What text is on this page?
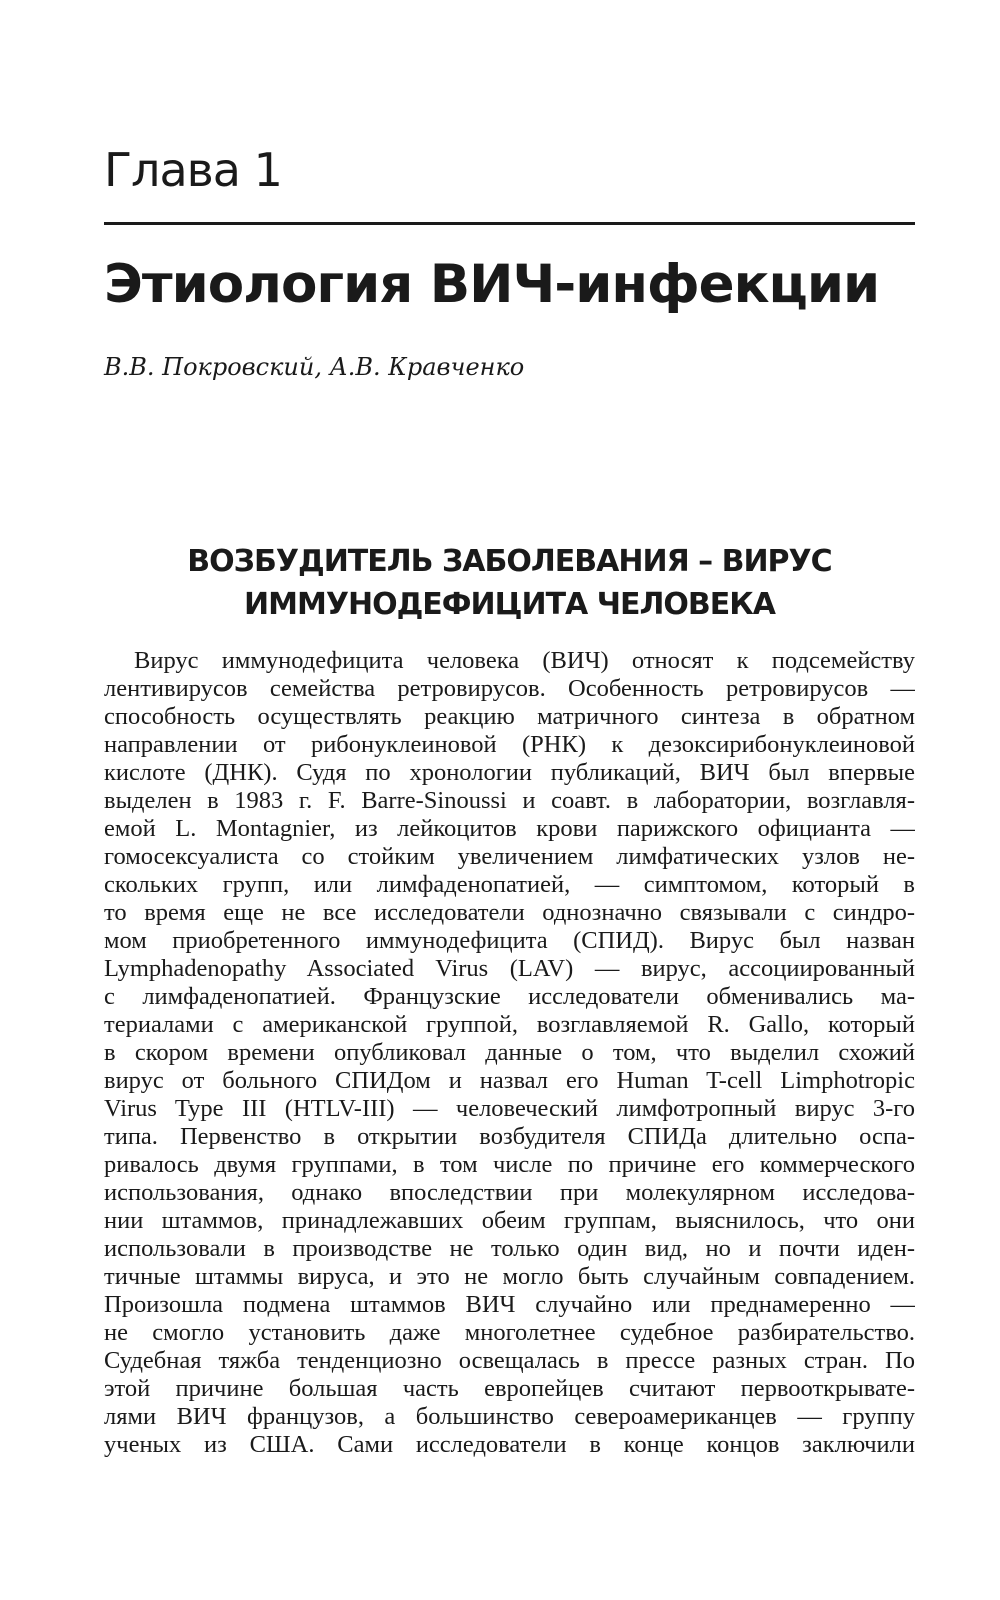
Глава 1
Этиология ВИЧ-инфекции

В.В. Покровский, А.В. Кравченко

ВОЗБУДИТЕЛЬ ЗАБОЛЕВАНИЯ – ВИРУС
ИММУНОДЕФИЦИТА ЧЕЛОВЕКА
Вирус иммунодефицита человека (ВИЧ) относят к подсемейству
лентивирусов семейства ретровирусов. Особенность ретровирусов —
способность осуществлять реакцию матричного синтеза в обратном
направлении от рибонуклеиновой (РНК) к дезоксирибонуклеиновой
кислоте (ДНК). Судя по хронологии публикаций, ВИЧ был впервые
выделен в 1983 г. F. Barre-Sinoussi и соавт. в лаборатории, возглавля-
емой L. Montagnier, из лейкоцитов крови парижского официанта —
гомосексуалиста со стойким увеличением лимфатических узлов не-
скольких групп, или лимфаденопатией, — симптомом, который в
то время еще не все исследователи однозначно связывали с синдро-
мом приобретенного иммунодефицита (СПИД). Вирус был назван
Lymphadenopathy Associated Virus (LAV) — вирус, ассоциированный
с лимфаденопатией. Французские исследователи обменивались ма-
териалами с американской группой, возглавляемой R. Gallo, который
в скором времени опубликовал данные о том, что выделил схожий
вирус от больного СПИДом и назвал его Human T-cell Limphotropic
Virus Type III (HTLV-III) — человеческий лимфотропный вирус 3-го
типа. Первенство в открытии возбудителя СПИДа длительно оспа-
ривалось двумя группами, в том числе по причине его коммерческого
использования, однако впоследствии при молекулярном исследова-
нии штаммов, принадлежавших обеим группам, выяснилось, что они
использовали в производстве не только один вид, но и почти иден-
тичные штаммы вируса, и это не могло быть случайным совпадением.
Произошла подмена штаммов ВИЧ случайно или преднамеренно —
не смогло установить даже многолетнее судебное разбирательство.
Судебная тяжба тенденциозно освещалась в прессе разных стран. По
этой причине большая часть европейцев считают первооткрывате-
лями ВИЧ французов, а большинство североамериканцев — группу
ученых из США. Сами исследователи в конце концов заключили
